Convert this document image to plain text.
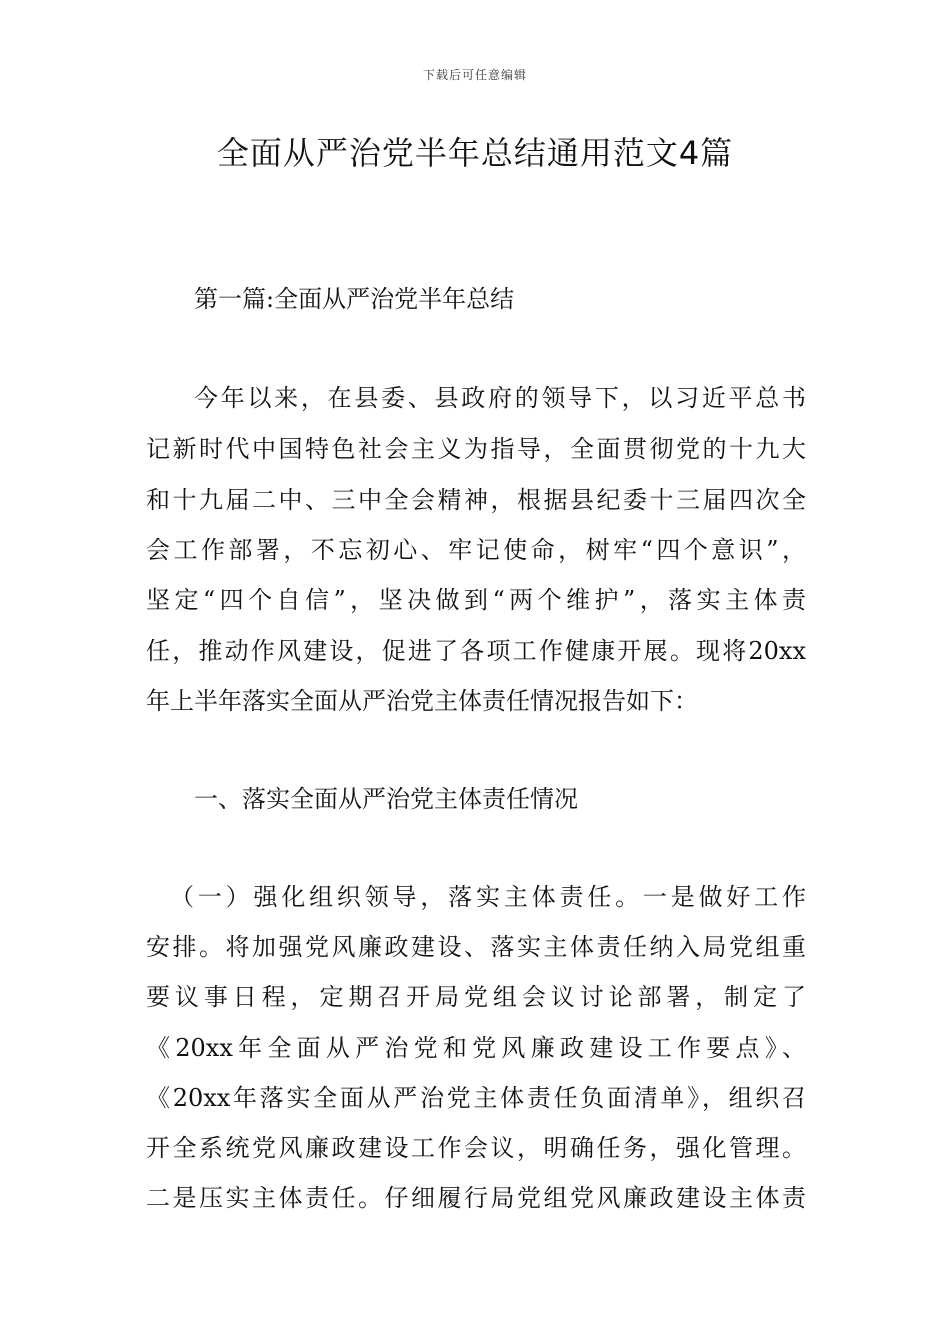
下载后可任意编辑
全面从严治党半年总结通用范文4篇
第一篇:全面从严治党半年总结
今年以来，在县委、县政府的领导下，以习近平总书
记新时代中国特色社会主义为指导，全面贯彻党的十九大
和十九届二中、三中全会精神，根据县纪委十三届四次全
会工作部署，不忘初心、牢记使命，树牢“四个意识”，
坚定“四个自信”，坚决做到“两个维护”，落实主体责
任，推动作风建设，促进了各项工作健康开展。现将20xx
年上半年落实全面从严治党主体责任情况报告如下：
一、落实全面从严治党主体责任情况
（一）强化组织领导，落实主体责任。一是做好工作
安排。将加强党风廉政建设、落实主体责任纳入局党组重
要议事日程，定期召开局党组会议讨论部署，制定了
《20xx年全面从严治党和党风廉政建设工作要点》、
《20xx年落实全面从严治党主体责任负面清单》，组织召
开全系统党风廉政建设工作会议，明确任务，强化管理。
二是压实主体责任。仔细履行局党组党风廉政建设主体责
